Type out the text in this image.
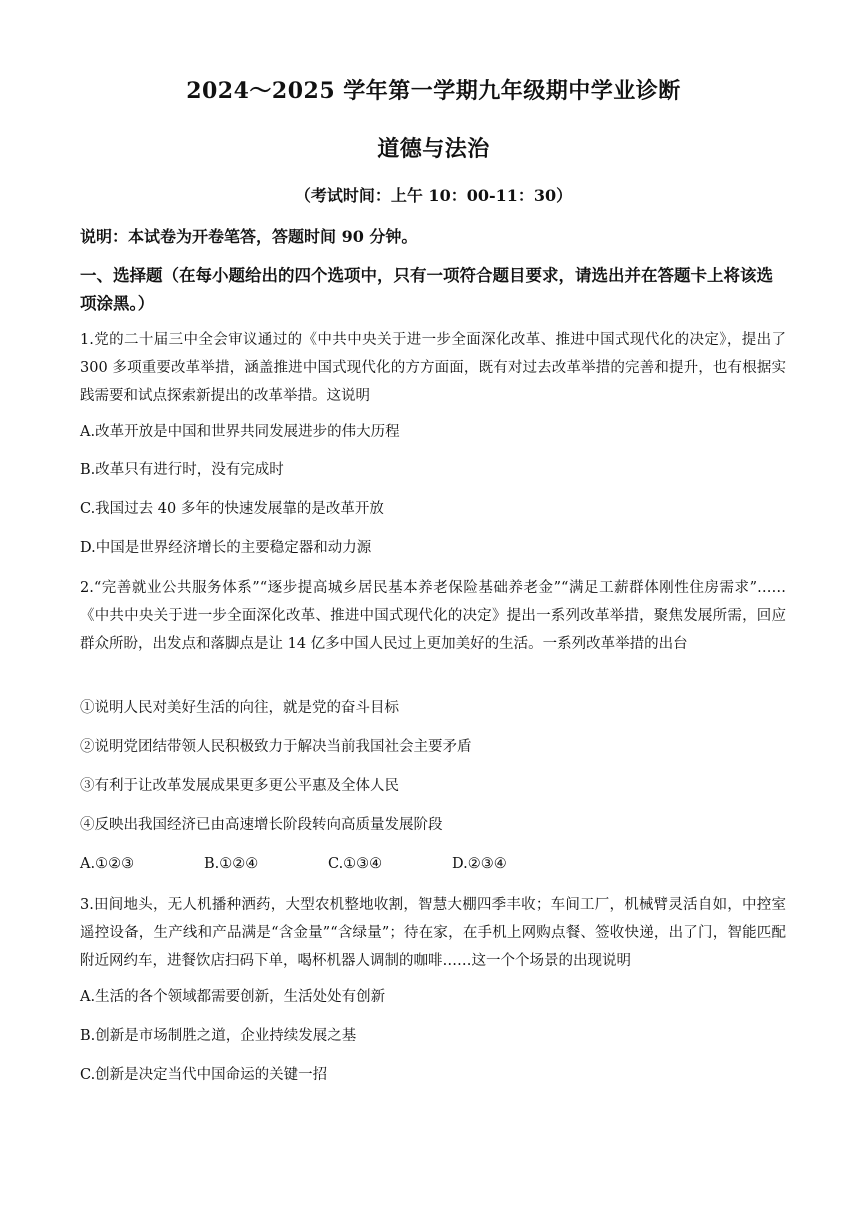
2024～2025 学年第一学期九年级期中学业诊断
道德与法治
（考试时间：上午 10：00-11：30）
说明：本试卷为开卷笔答，答题时间 90 分钟。
一、选择题（在每小题给出的四个选项中，只有一项符合题目要求，请选出并在答题卡上将该选项涂黑。）
1.党的二十届三中全会审议通过的《中共中央关于进一步全面深化改革、推进中国式现代化的决定》，提出了 300 多项重要改革举措，涵盖推进中国式现代化的方方面面，既有对过去改革举措的完善和提升，也有根据实践需要和试点探索新提出的改革举措。这说明
A.改革开放是中国和世界共同发展进步的伟大历程
B.改革只有进行时，没有完成时
C.我国过去 40 多年的快速发展靠的是改革开放
D.中国是世界经济增长的主要稳定器和动力源
2.“完善就业公共服务体系”“逐步提高城乡居民基本养老保险基础养老金”“满足工薪群体刚性住房需求”……《中共中央关于进一步全面深化改革、推进中国式现代化的决定》提出一系列改革举措，聚焦发展所需，回应群众所盼，出发点和落脚点是让 14 亿多中国人民过上更加美好的生活。一系列改革举措的出台
①说明人民对美好生活的向往，就是党的奋斗目标
②说明党团结带领人民积极致力于解决当前我国社会主要矛盾
③有利于让改革发展成果更多更公平惠及全体人民
④反映出我国经济已由高速增长阶段转向高质量发展阶段
A.①②③	B.①②④	C.①③④	D.②③④
3.田间地头，无人机播种洒药，大型农机整地收割，智慧大棚四季丰收；车间工厂，机械臂灵活自如，中控室遥控设备，生产线和产品满是“含金量”“含绿量”；待在家，在手机上网购点餐、签收快递，出了门，智能匹配附近网约车，进餐饮店扫码下单，喝杯机器人调制的咖啡……这一个个场景的出现说明
A.生活的各个领域都需要创新，生活处处有创新
B.创新是市场制胜之道，企业持续发展之基
C.创新是决定当代中国命运的关键一招
